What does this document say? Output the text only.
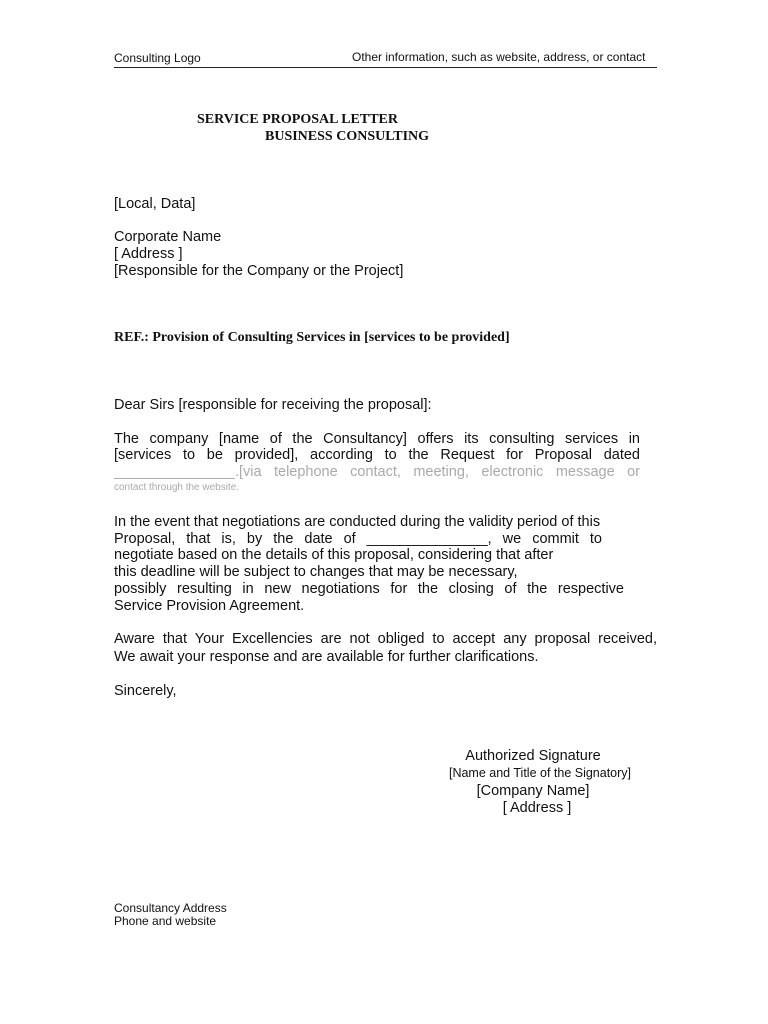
Consulting Logo	Other information, such as website, address, or contact

SERVICE PROPOSAL LETTER

BUSINESS CONSULTING

[Local, Data]

Corporate Name

[ Address ]

[Responsible for the Company or the Project]

REF.: Provision of Consulting Services in [services to be provided]

Dear Sirs [responsible for receiving the proposal]:

The company [name of the Consultancy] offers its consulting services in

[services to be provided], according to the Request for Proposal dated

_______________.[via telephone contact, meeting, electronic message or

contact through the website.

In the event that negotiations are conducted during the validity period of this

Proposal, that is, by the date of _______________, we commit to

negotiate based on the details of this proposal, considering that after

this deadline will be subject to changes that may be necessary,

possibly resulting in new negotiations for the closing of the respective

Service Provision Agreement.

Aware that Your Excellencies are not obliged to accept any proposal received,

We await your response and are available for further clarifications.

Sincerely,

Authorized Signature

[Name and Title of the Signatory]

[Company Name]

[ Address ]

Consultancy Address

Phone and website
